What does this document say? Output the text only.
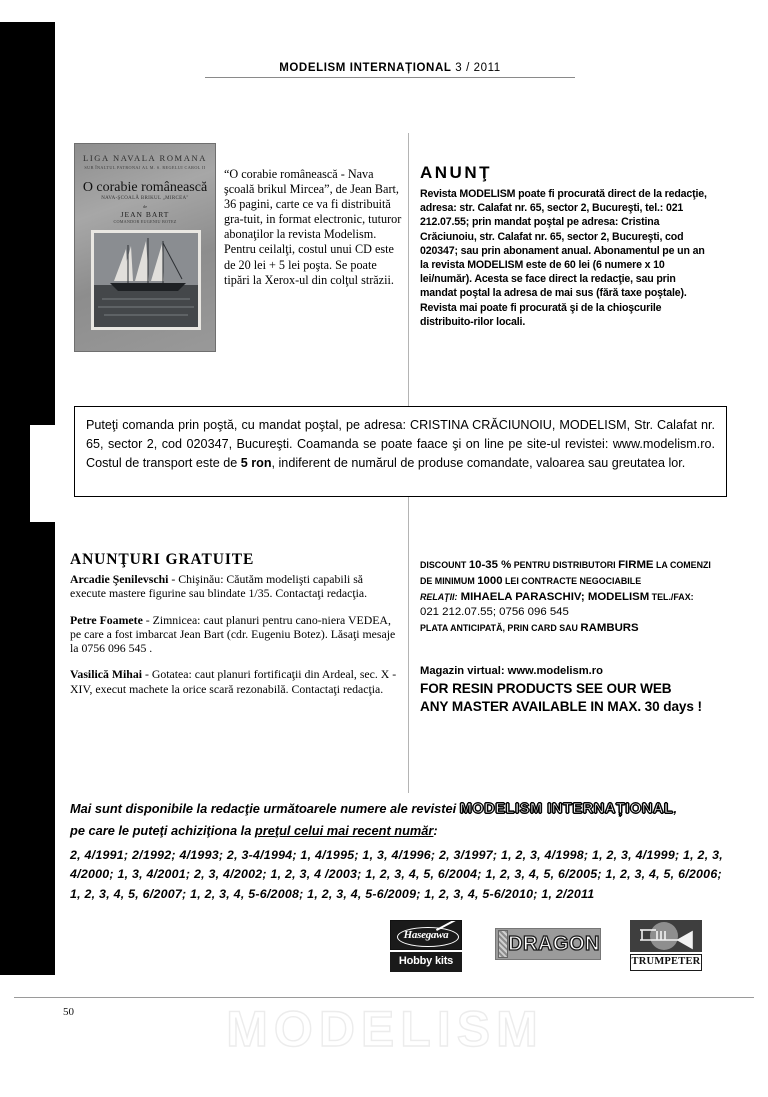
MODELISM INTERNAȚIONAL 3 / 2011
LIGA NAVALA ROMANA
SUB ÎNALTUL PATRONAJ AL M. S. REGELUI CAROL II
O corabie românească
NAVA-ŞCOALĂ BRIKUL „MIRCEA"
de
JEAN BART
COMANDOR EUGENIU BOTEZ
“O corabie românească - Nava şcoală brikul Mircea”, de Jean Bart, 36 pagini, carte ce va fi distribuită gra-tuit, in format electronic, tuturor abonaţilor la revista Modelism. Pentru ceilalţi, costul unui CD este de 20 lei + 5 lei poşta. Se poate tipări la Xerox-ul din colţul străzii.
ANUNŢ
Revista MODELISM poate fi procurată direct de la redacţie, adresa: str. Calafat nr. 65, sector 2, Bucureşti, tel.: 021 212.07.55; prin mandat poştal pe adresa: Cristina Crăciunoiu, str. Calafat nr. 65, sector 2, Bucureşti, cod 020347; sau prin abonament anual. Abonamentul pe un an la revista MODELISM este de 60 lei (6 numere x 10 lei/număr). Acesta se face direct la redacţie, sau prin mandat poştal la adresa de mai sus (fără taxe poştale). Revista mai poate fi procurată şi de la chioşcurile distribuito-rilor locali.

Puteţi comanda prin poştă, cu mandat poştal, pe adresa: CRISTINA CRĂCIUNOIU, MODELISM, Str. Calafat nr. 65, sector 2, cod 020347, Bucureşti. Coamanda se poate faace şi on line pe site-ul revistei: www.modelism.ro. Costul de transport este de 5 ron, indiferent de numărul de produse comandate, valoarea sau greutatea lor.

ANUNŢURI GRATUITE
Arcadie Şenilevschi - Chişinău: Căutăm modelişti capabili să execute mastere figurine sau blindate 1/35. Contactaţi redacţia.
Petre Foamete - Zimnicea: caut planuri pentru cano-niera VEDEA, pe care a fost imbarcat Jean Bart (cdr. Eugeniu Botez). Lăsaţi mesaje la 0756 096 545 .
Vasilică Mihai - Gotatea: caut planuri fortificaţii din Ardeal, sec. X - XIV, execut machete la orice scară rezonabilă. Contactaţi redacţia.
DISCOUNT 10-35 % PENTRU DISTRIBUTORI FIRME LA COMENZI
DE MINIMUM 1000 LEI CONTRACTE NEGOCIABILE
RELAŢII: MIHAELA PARASCHIV; MODELISM TEL./FAX:
021 212.07.55; 0756 096 545
PLATA ANTICIPATĂ, PRIN CARD SAU RAMBURS
Magazin virtual: www.modelism.ro
FOR RESIN PRODUCTS SEE OUR WEB
ANY MASTER AVAILABLE IN MAX. 30 days !
Mai sunt disponibile la redacţie următoarele numere ale revistei MODELISM INTERNAȚIONAL,
pe care le puteţi achiziţiona la preţul celui mai recent număr:
2, 4/1991; 2/1992; 4/1993; 2, 3-4/1994; 1, 4/1995; 1, 3, 4/1996; 2, 3/1997; 1, 2, 3, 4/1998; 1, 2, 3, 4/1999; 1, 2, 3, 4/2000; 1, 3, 4/2001; 2, 3, 4/2002; 1, 2, 3, 4 /2003; 1, 2, 3, 4, 5, 6/2004; 1, 2, 3, 4, 5, 6/2005; 1, 2, 3, 4, 5, 6/2006; 1, 2, 3, 4, 5, 6/2007; 1, 2, 3, 4, 5-6/2008; 1, 2, 3, 4, 5-6/2009; 1, 2, 3, 4, 5-6/2010; 1, 2/2011
Hasegawa
Hobby kits
DRAGON
TRUMPETER
50	MODELISM
